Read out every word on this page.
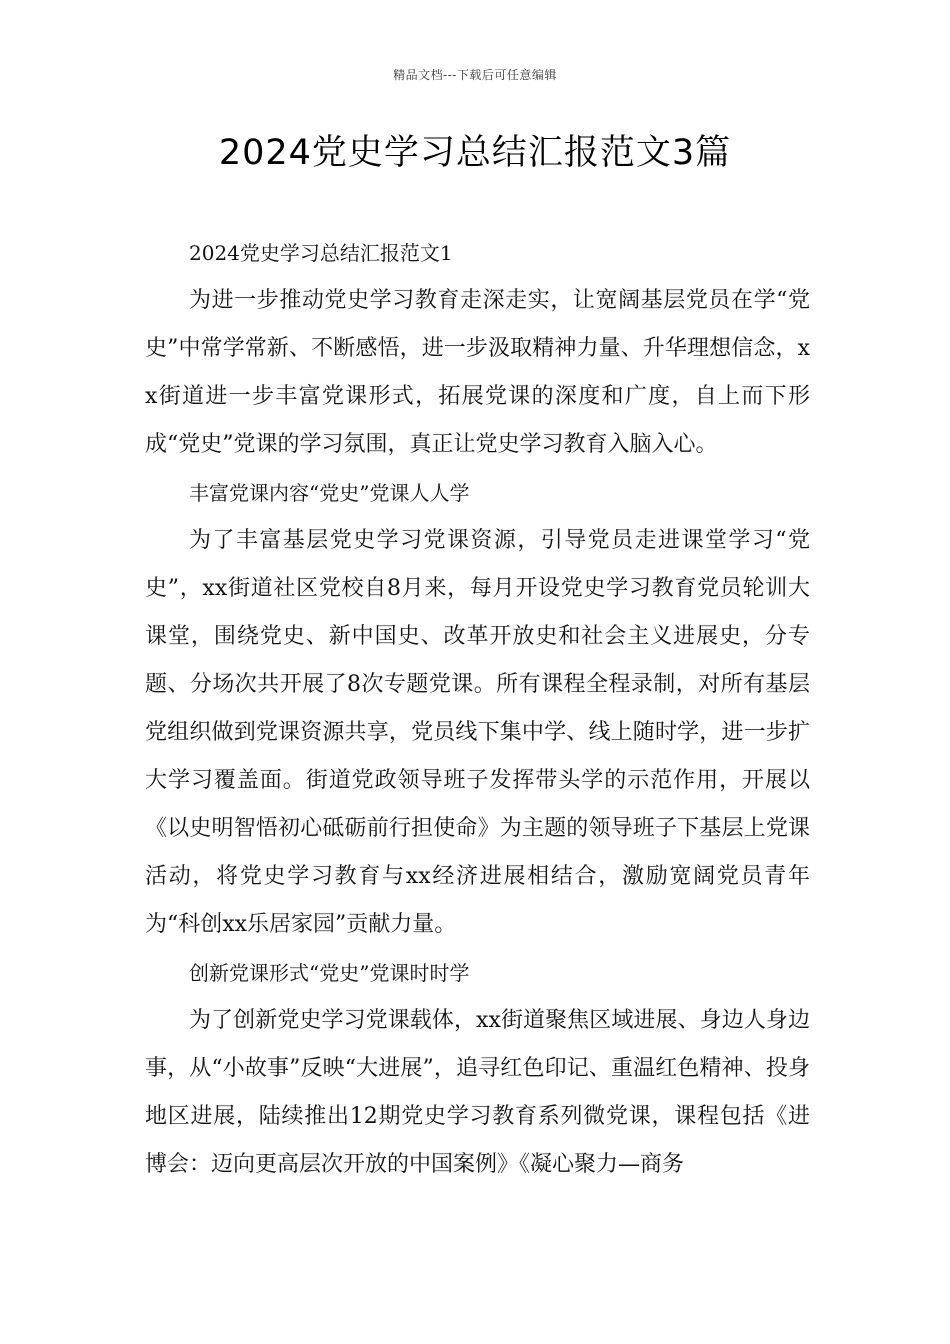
精品文档---下载后可任意编辑
2024党史学习总结汇报范文3篇

2024党史学习总结汇报范文1

为进一步推动党史学习教育走深走实，让宽阔基层党员在学“党史”中常学常新、不断感悟，进一步汲取精神力量、升华理想信念，xx街道进一步丰富党课形式，拓展党课的深度和广度，自上而下形成“党史”党课的学习氛围，真正让党史学习教育入脑入心。

丰富党课内容“党史”党课人人学

为了丰富基层党史学习党课资源，引导党员走进课堂学习“党史”，xx街道社区党校自8月来，每月开设党史学习教育党员轮训大课堂，围绕党史、新中国史、改革开放史和社会主义进展史，分专题、分场次共开展了8次专题党课。所有课程全程录制，对所有基层党组织做到党课资源共享，党员线下集中学、线上随时学，进一步扩大学习覆盖面。街道党政领导班子发挥带头学的示范作用，开展以《以史明智悟初心砥砺前行担使命》为主题的领导班子下基层上党课活动，将党史学习教育与xx经济进展相结合，激励宽阔党员青年为“科创xx乐居家园”贡献力量。

创新党课形式“党史”党课时时学

为了创新党史学习党课载体，xx街道聚焦区域进展、身边人身边事，从“小故事”反映“大进展”，追寻红色印记、重温红色精神、投身地区进展，陆续推出12期党史学习教育系列微党课，课程包括《进博会：迈向更高层次开放的中国案例》《凝心聚力—商务
